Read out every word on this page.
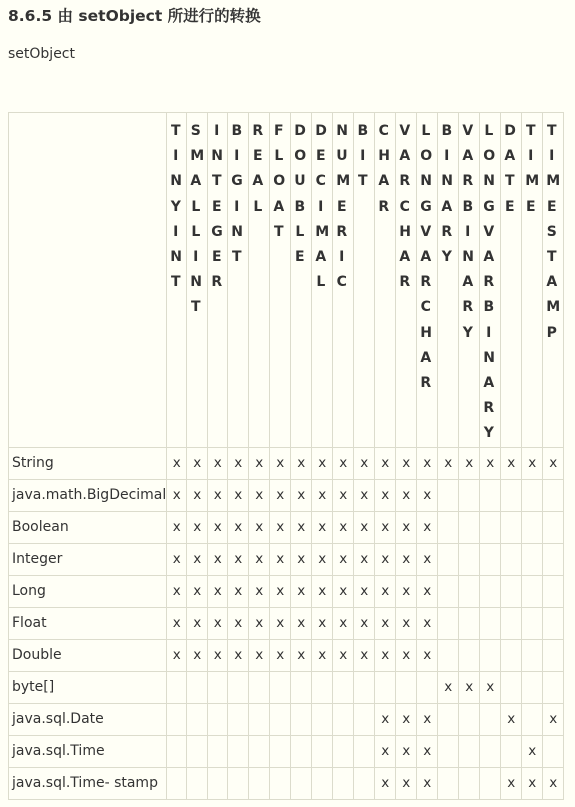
8.6.5 由 setObject 所进行的转换
setObject

	TINYINT	SMALLINT	INTEGER	BIGINT	REAL	FLOAT	DOUBLE	DECIMAL	NUMERIC	BIT	CHAR	VARCHAR	LONGVARCHAR	BINARY	VARBINARY	LONGVARBINARY	DATE	TIME	TIMESTAMP

String	x	x	x	x	x	x	x	x	x	x	x	x	x	x	x	x	x	x	x
java.math.BigDecimal	x	x	x	x	x	x	x	x	x	x	x	x	x						
Boolean	x	x	x	x	x	x	x	x	x	x	x	x	x						
Integer	x	x	x	x	x	x	x	x	x	x	x	x	x						
Long	x	x	x	x	x	x	x	x	x	x	x	x	x						
Float	x	x	x	x	x	x	x	x	x	x	x	x	x						
Double	x	x	x	x	x	x	x	x	x	x	x	x	x						
byte[]														x	x	x			
java.sql.Date											x	x	x				x		x
java.sql.Time											x	x	x					x	
java.sql.Time- stamp											x	x	x				x	x	x
